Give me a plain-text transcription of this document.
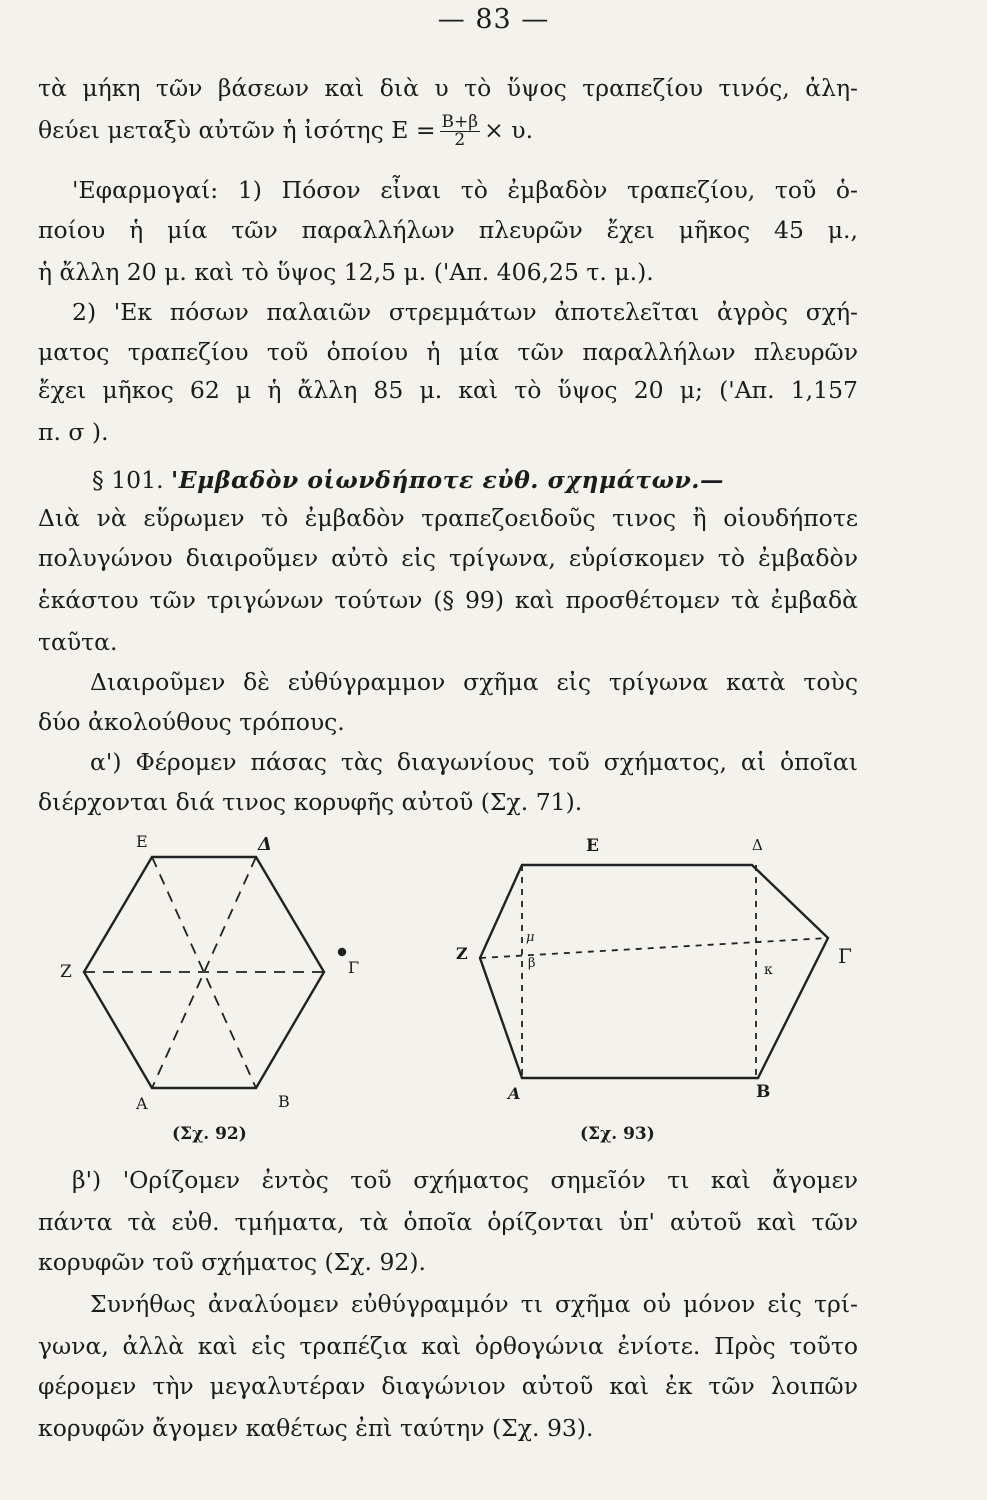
— 83 —
τὰ μήκη τῶν βάσεων καὶ διὰ υ τὸ ὕψος τραπεζίου τινός, ἀλη-
θεύει μεταξὺ αὐτῶν ἡ ἰσότης $E = \frac{B+\beta}{2} \times \upsilon$.
'Εφαρμογαί: 1) Πόσον εἶναι τὸ ἐμβαδὸν τραπεζίου, τοῦ ὁ-
ποίου ἡ μία τῶν παραλλήλων πλευρῶν ἔχει μῆκος 45 μ.,
ἡ ἄλλη 20 μ. καὶ τὸ ὕψος 12,5 μ. ('Απ. 406,25 τ. μ.).
2) 'Εκ πόσων παλαιῶν στρεμμάτων ἀποτελεῖται ἀγρὸς σχή-
ματος τραπεζίου τοῦ ὁποίου ἡ μία τῶν παραλλήλων πλευρῶν
ἔχει μῆκος 62 μ ἡ ἄλλη 85 μ. καὶ τὸ ὕψος 20 μ; ('Απ. 1,157
π. σ ).
§ 101. 'Εμβαδὸν οἱωνδήποτε εὐθ. σχημάτων.—
Διὰ νὰ εὕρωμεν τὸ ἐμβαδὸν τραπεζοειδοῦς τινος ἢ οἱουδήποτε
πολυγώνου διαιροῦμεν αὐτὸ εἰς τρίγωνα, εὑρίσκομεν τὸ ἐμβαδὸν
ἑκάστου τῶν τριγώνων τούτων (§ 99) καὶ προσθέτομεν τὰ ἐμβαδὰ
ταῦτα.
Διαιροῦμεν δὲ εὐθύγραμμον σχῆμα εἰς τρίγωνα κατὰ τοὺς
δύο ἀκολούθους τρόπους.
α') Φέρομεν πάσας τὰς διαγωνίους τοῦ σχήματος, αἱ ὁποῖαι
διέρχονται διά τινος κορυφῆς αὐτοῦ (Σχ. 71).
Ε	Δ
Ζ	Γ
Α	Β
(Σχ. 92)
Ε	Δ
Ζ	Γ
Α	Β
μ
β	κ
(Σχ. 93)
β') 'Ορίζομεν ἐντὸς τοῦ σχήματος σημεῖόν τι καὶ ἄγομεν
πάντα τὰ εὐθ. τμήματα, τὰ ὁποῖα ὁρίζονται ὑπ' αὐτοῦ καὶ τῶν
κορυφῶν τοῦ σχήματος (Σχ. 92).
Συνήθως ἀναλύομεν εὐθύγραμμόν τι σχῆμα οὐ μόνον εἰς τρί-
γωνα, ἀλλὰ καὶ εἰς τραπέζια καὶ ὀρθογώνια ἐνίοτε. Πρὸς τοῦτο
φέρομεν τὴν μεγαλυτέραν διαγώνιον αὐτοῦ καὶ ἐκ τῶν λοιπῶν
κορυφῶν ἄγομεν καθέτως ἐπὶ ταύτην (Σχ. 93).
